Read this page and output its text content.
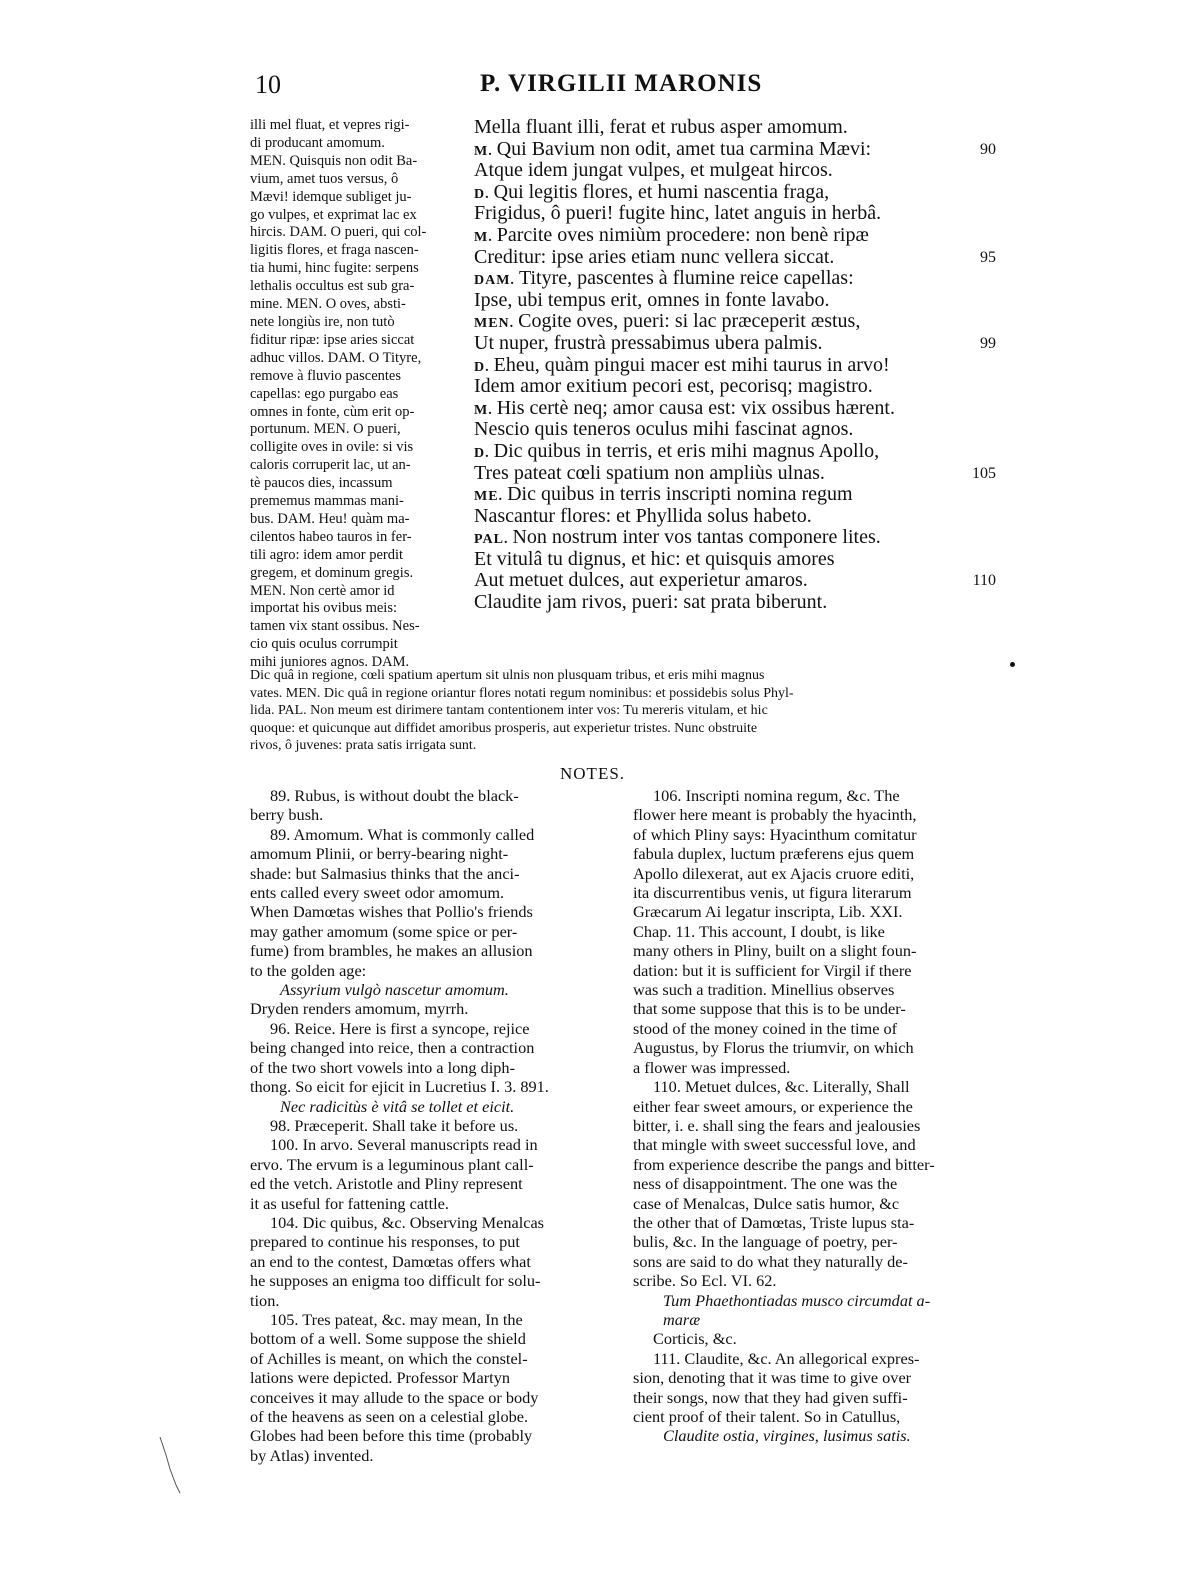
10	P. VIRGILII MARONIS
illi mel fluat, et vepres rigi-
di producant amomum.
MEN. Quisquis non odit Ba-
vium, amet tuos versus, ô
Mævi! idemque subliget ju-
go vulpes, et exprimat lac ex
hircis. DAM. O pueri, qui col-
ligitis flores, et fraga nascen-
tia humi, hinc fugite: serpens
lethalis occultus est sub gra-
mine. MEN. O oves, absti-
nete longiùs ire, non tutò
fiditur ripæ: ipse aries siccat
adhuc villos. DAM. O Tityre,
remove à fluvio pascentes
capellas: ego purgabo eas
omnes in fonte, cùm erit op-
portunum. MEN. O pueri,
colligite oves in ovile: si vis
caloris corruperit lac, ut an-
tè paucos dies, incassum
prememus mammas mani-
bus. DAM. Heu! quàm ma-
cilentos habeo tauros in fer-
tili agro: idem amor perdit
gregem, et dominum gregis.
MEN. Non certè amor id
importat his ovibus meis:
tamen vix stant ossibus. Nes-
cio quis oculus corrumpit
mihi juniores agnos. DAM.
Mella fluant illi, ferat et rubus asper amomum.
M. Qui Bavium non odit, amet tua carmina Mævi:	90
Atque idem jungat vulpes, et mulgeat hircos.
D. Qui legitis flores, et humi nascentia fraga,
Frigidus, ô pueri! fugite hinc, latet anguis in herbâ.
M. Parcite oves nimiùm procedere: non benè ripæ
Creditur: ipse aries etiam nunc vellera siccat.	95
DAM. Tityre, pascentes à flumine reice capellas:
Ipse, ubi tempus erit, omnes in fonte lavabo.
MEN. Cogite oves, pueri: si lac præceperit æstus,
Ut nuper, frustrà pressabimus ubera palmis.	99
D. Eheu, quàm pingui macer est mihi taurus in arvo!
Idem amor exitium pecori est, pecorisq; magistro.
M. His certè neq; amor causa est: vix ossibus hærent.
Nescio quis teneros oculus mihi fascinat agnos.
D. Dic quibus in terris, et eris mihi magnus Apollo,
Tres pateat cœli spatium non ampliùs ulnas.	105
ME. Dic quibus in terris inscripti nomina regum
Nascantur flores: et Phyllida solus habeto.
PAL. Non nostrum inter vos tantas componere lites.
Et vitulâ tu dignus, et hic: et quisquis amores
Aut metuet dulces, aut experietur amaros.	110
Claudite jam rivos, pueri: sat prata biberunt.
Dic quâ in regione, cœli spatium apertum sit ulnis non plusquam tribus, et eris mihi magnus
vates. MEN. Dic quâ in regione oriantur flores notati regum nominibus: et possidebis solus Phyl-
lida. PAL. Non meum est dirimere tantam contentionem inter vos: Tu mereris vitulam, et hic
quoque: et quicunque aut diffidet amoribus prosperis, aut experietur tristes. Nunc obstruite
rivos, ô juvenes: prata satis irrigata sunt.
NOTES.
89. Rubus, is without doubt the black-
berry bush.
89. Amomum. What is commonly called
amomum Plinii, or berry-bearing night-
shade: but Salmasius thinks that the anci-
ents called every sweet odor amomum.
When Damœtas wishes that Pollio's friends
may gather amomum (some spice or per-
fume) from brambles, he makes an allusion
to the golden age:
Assyrium vulgò nascetur amomum.
Dryden renders amomum, myrrh.
96. Reice. Here is first a syncope, rejice
being changed into reice, then a contraction
of the two short vowels into a long diph-
thong. So eicit for ejicit in Lucretius I. 3. 891.
Nec radicitùs è vitâ se tollet et eicit.
98. Præceperit. Shall take it before us.
100. In arvo. Several manuscripts read in
ervo. The ervum is a leguminous plant call-
ed the vetch. Aristotle and Pliny represent
it as useful for fattening cattle.
104. Dic quibus, &c. Observing Menalcas
prepared to continue his responses, to put
an end to the contest, Damœtas offers what
he supposes an enigma too difficult for solu-
tion.
105. Tres pateat, &c. may mean, In the
bottom of a well. Some suppose the shield
of Achilles is meant, on which the constel-
lations were depicted. Professor Martyn
conceives it may allude to the space or body
of the heavens as seen on a celestial globe.
Globes had been before this time (probably
by Atlas) invented.
106. Inscripti nomina regum, &c. The
flower here meant is probably the hyacinth,
of which Pliny says: Hyacinthum comitatur
fabula duplex, luctum præferens ejus quem
Apollo dilexerat, aut ex Ajacis cruore editi,
ita discurrentibus venis, ut figura literarum
Græcarum Ai legatur inscripta, Lib. XXI.
Chap. 11. This account, I doubt, is like
many others in Pliny, built on a slight foun-
dation: but it is sufficient for Virgil if there
was such a tradition. Minellius observes
that some suppose that this is to be under-
stood of the money coined in the time of
Augustus, by Florus the triumvir, on which
a flower was impressed.
110. Metuet dulces, &c. Literally, Shall
either fear sweet amours, or experience the
bitter, i. e. shall sing the fears and jealousies
that mingle with sweet successful love, and
from experience describe the pangs and bitter-
ness of disappointment. The one was the
case of Menalcas, Dulce satis humor, &c
the other that of Damœtas, Triste lupus sta-
bulis, &c. In the language of poetry, per-
sons are said to do what they naturally de-
scribe. So Ecl. VI. 62.
Tum Phaethontiadas musco circumdat a-
maræ
Corticis, &c.
111. Claudite, &c. An allegorical expres-
sion, denoting that it was time to give over
their songs, now that they had given suffi-
cient proof of their talent. So in Catullus,
Claudite ostia, virgines, lusimus satis.
